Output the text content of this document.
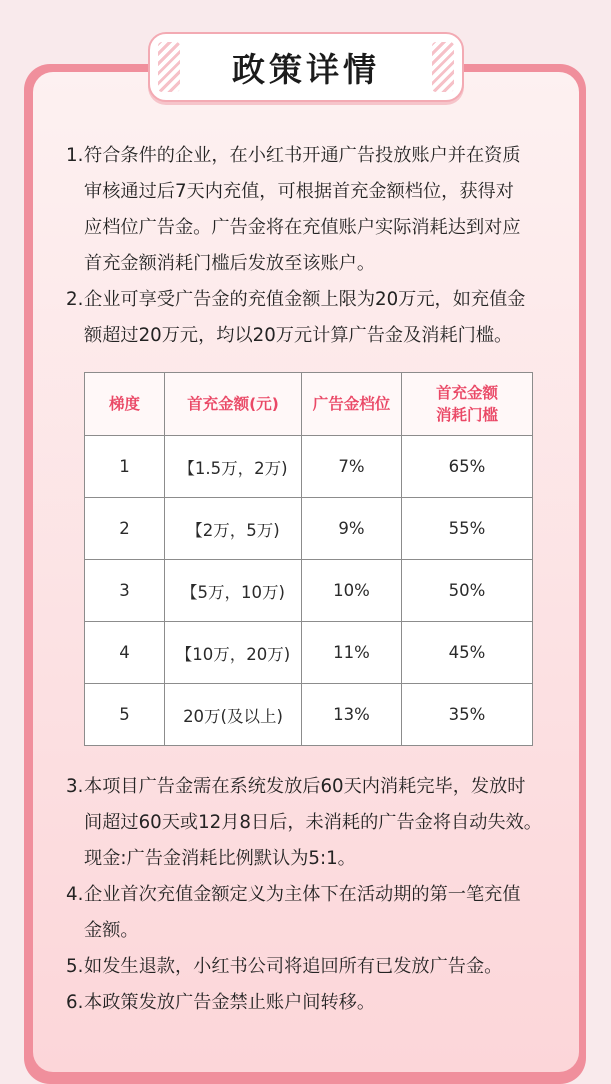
政策详情
1. 符合条件的企业，在小红书开通广告投放账户并在资质
审核通过后7天内充值，可根据首充金额档位，获得对
应档位广告金。广告金将在充值账户实际消耗达到对应
首充金额消耗门槛后发放至该账户。
2. 企业可享受广告金的充值金额上限为20万元，如充值金
额超过20万元，均以20万元计算广告金及消耗门槛。
梯度	首充金额(元)	广告金档位	首充金额
消耗门槛

1	【1.5万，2万)	7%	65%
2	【2万，5万)	9%	55%
3	【5万，10万)	10%	50%
4	【10万，20万)	11%	45%
5	20万(及以上)	13%	35%
3. 本项目广告金需在系统发放后60天内消耗完毕，发放时
间超过60天或12月8日后，未消耗的广告金将自动失效。
现金:广告金消耗比例默认为5:1。
4. 企业首次充值金额定义为主体下在活动期的第一笔充值
金额。
5. 如发生退款，小红书公司将追回所有已发放广告金。
6. 本政策发放广告金禁止账户间转移。
